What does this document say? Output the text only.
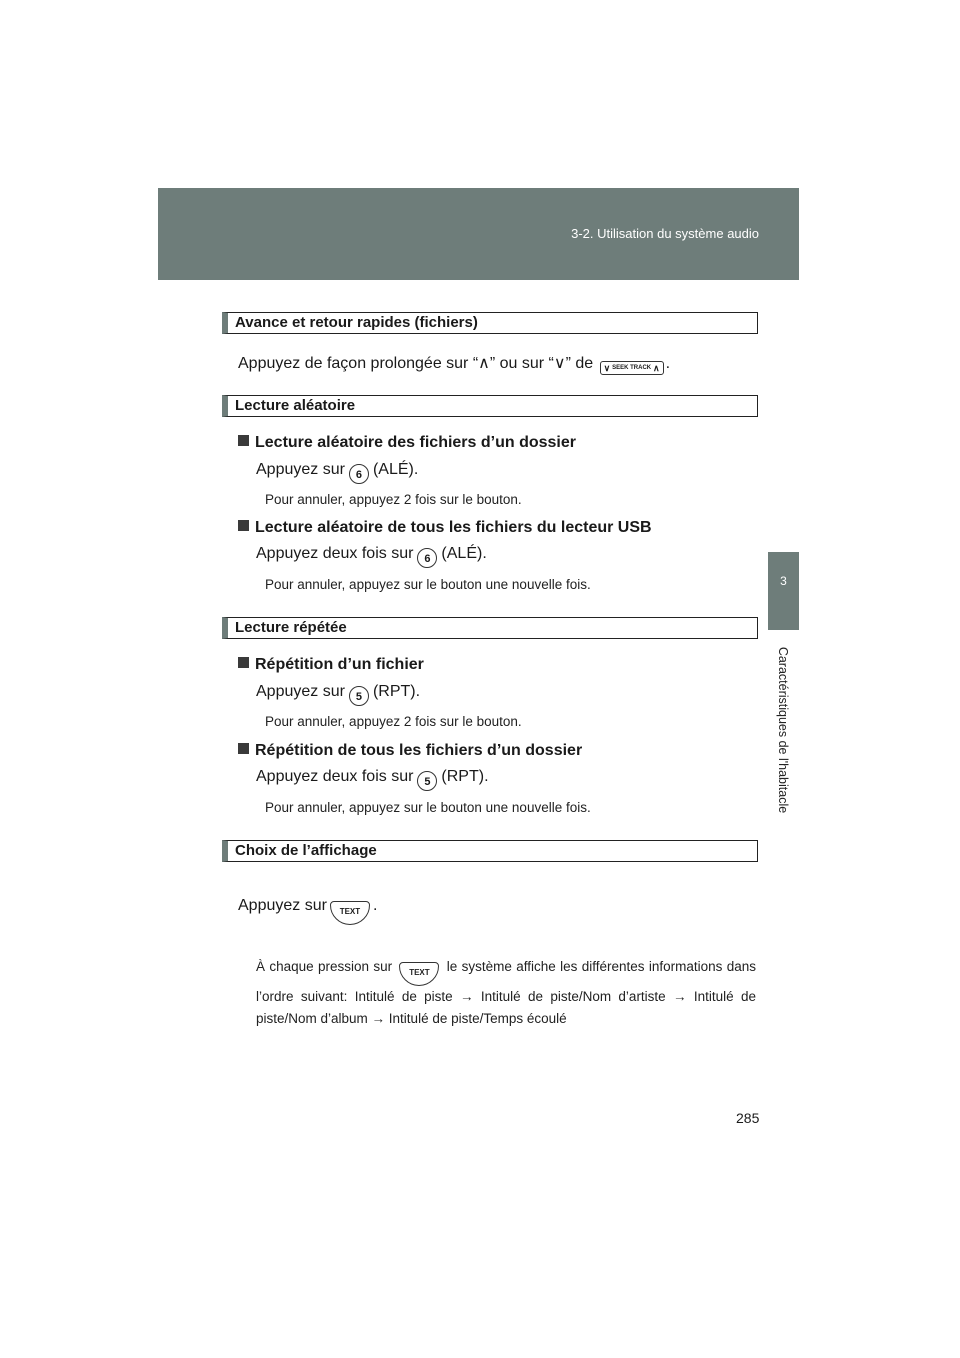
3-2. Utilisation du système audio
3
Caractéristiques de l'habitacle
Avance et retour rapides (fichiers)
Appuyez de façon prolongée sur “∧” ou sur “∨” de ∨ SEEK TRACK ∧ .
Lecture aléatoire
Lecture aléatoire des fichiers d’un dossier
Appuyez sur 6 (ALÉ).
Pour annuler, appuyez 2 fois sur le bouton.
Lecture aléatoire de tous les fichiers du lecteur USB
Appuyez deux fois sur 6 (ALÉ).
Pour annuler, appuyez sur le bouton une nouvelle fois.
Lecture répétée
Répétition d’un fichier
Appuyez sur 5 (RPT).
Pour annuler, appuyez 2 fois sur le bouton.
Répétition de tous les fichiers d’un dossier
Appuyez deux fois sur 5 (RPT).
Pour annuler, appuyez sur le bouton une nouvelle fois.
Choix de l’affichage
Appuyez sur TEXT .
À chaque pression sur TEXT le système affiche les différentes informations dans l’ordre suivant: Intitulé de piste → Intitulé de piste/Nom d’artiste → Intitulé de piste/Nom d’album → Intitulé de piste/Temps écoulé
285
